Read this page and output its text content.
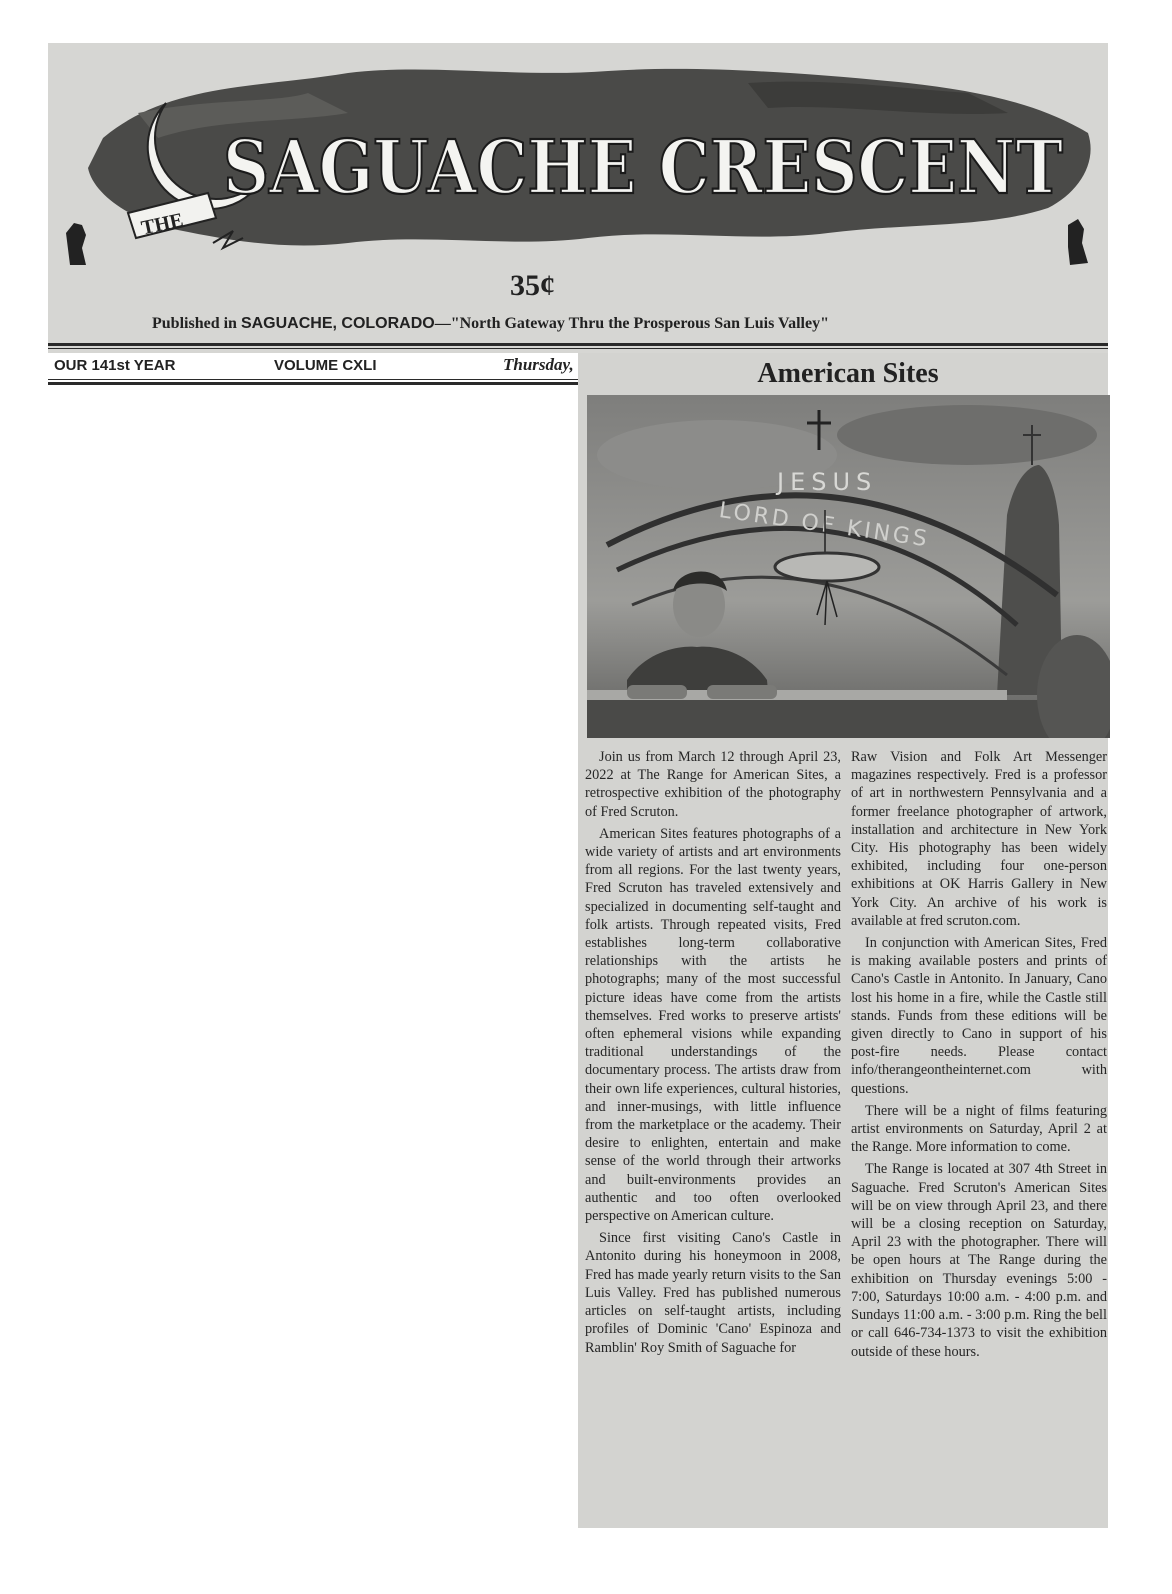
THE
SAGUACHE CRESCENT
35¢
Published in SAGUACHE, COLORADO—"North Gateway Thru the Prosperous San Luis Valley"
OUR 141st YEAR	VOLUME CXLI	Thursday,	American Sites
JESUS
LORD OF KINGS

Join us from March 12 through April 23, 2022 at The Range for American Sites, a retrospective exhibition of the photography of Fred Scruton.

American Sites features photographs of a wide variety of artists and art environments from all regions. For the last twenty years, Fred Scruton has traveled extensively and specialized in documenting self-taught and folk artists. Through repeated visits, Fred establishes long-term collaborative relationships with the artists he photographs; many of the most successful picture ideas have come from the artists themselves. Fred works to preserve artists' often ephemeral visions while expanding traditional understandings of the documentary process. The artists draw from their own life experiences, cultural histories, and inner-musings, with little influence from the marketplace or the academy. Their desire to enlighten, entertain and make sense of the world through their artworks and built-environments provides an authentic and too often overlooked perspective on American culture.

Since first visiting Cano's Castle in Antonito during his honeymoon in 2008, Fred has made yearly return visits to the San Luis Valley. Fred has published numerous articles on self-taught artists, including profiles of Dominic 'Cano' Espinoza and Ramblin' Roy Smith of Saguache for

Raw Vision and Folk Art Messenger magazines respectively. Fred is a professor of art in northwestern Pennsylvania and a former freelance photographer of artwork, installation and architecture in New York City. His photography has been widely exhibited, including four one-person exhibitions at OK Harris Gallery in New York City. An archive of his work is available at fred scruton.com.

In conjunction with American Sites, Fred is making available posters and prints of Cano's Castle in Antonito. In January, Cano lost his home in a fire, while the Castle still stands. Funds from these editions will be given directly to Cano in support of his post-fire needs. Please contact info/therangeontheinternet.com with questions.

There will be a night of films featuring artist environments on Saturday, April 2 at the Range. More information to come.

The Range is located at 307 4th Street in Saguache. Fred Scruton's American Sites will be on view through April 23, and there will be a closing reception on Saturday, April 23 with the photographer. There will be open hours at The Range during the exhibition on Thursday evenings 5:00 - 7:00, Saturdays 10:00 a.m. - 4:00 p.m. and Sundays 11:00 a.m. - 3:00 p.m. Ring the bell or call 646-734-1373 to visit the exhibition outside of these hours.
